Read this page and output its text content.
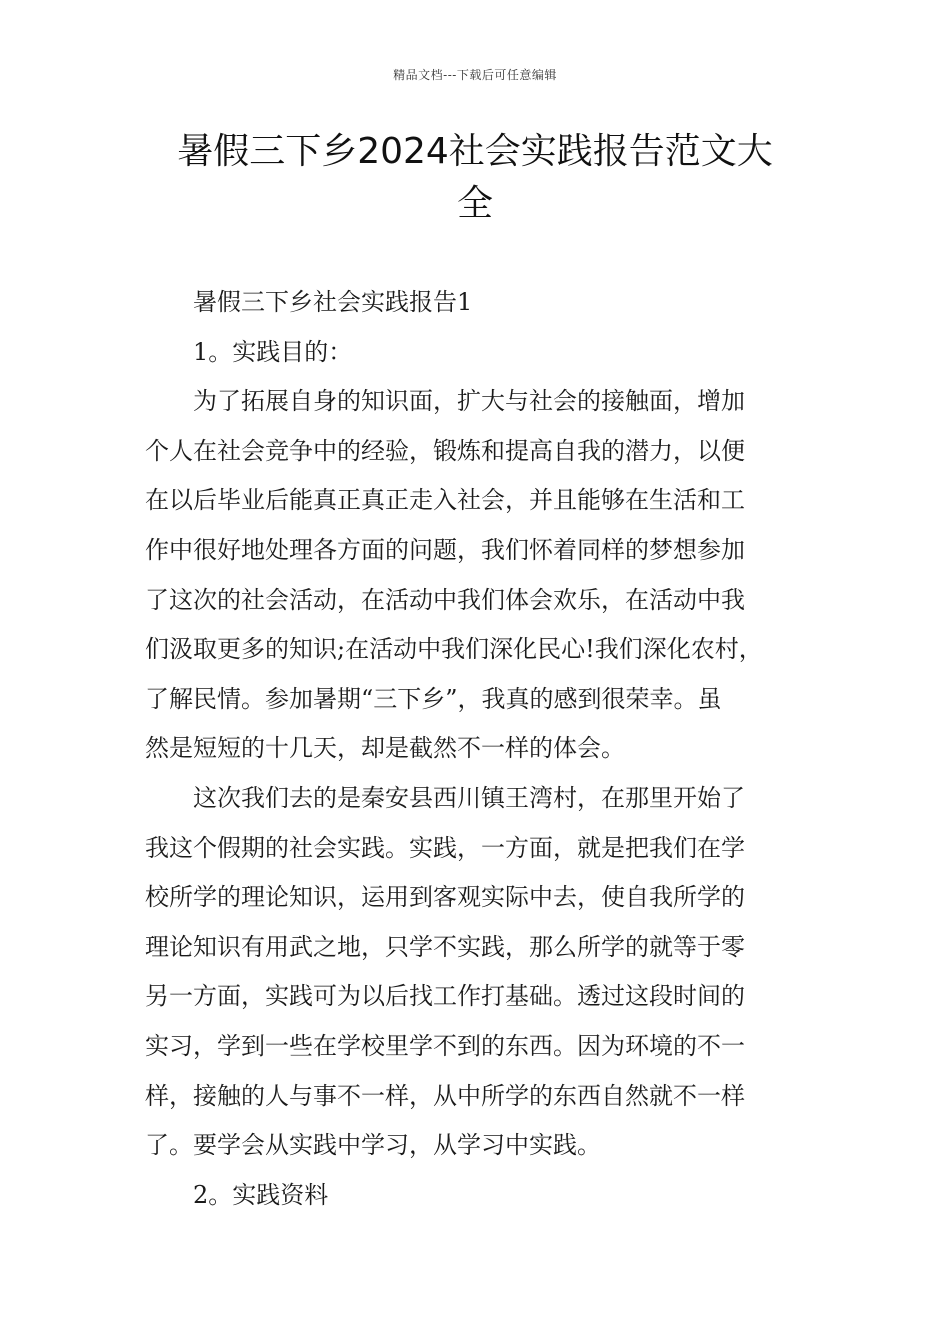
精品文档---下载后可任意编辑
暑假三下乡2024社会实践报告范文大
全
暑假三下乡社会实践报告1
1。实践目的：
为了拓展自身的知识面，扩大与社会的接触面，增加
个人在社会竞争中的经验，锻炼和提高自我的潜力，以便
在以后毕业后能真正真正走入社会，并且能够在生活和工
作中很好地处理各方面的问题，我们怀着同样的梦想参加
了这次的社会活动，在活动中我们体会欢乐，在活动中我
们汲取更多的知识;在活动中我们深化民心!我们深化农村，
了解民情。参加暑期“三下乡”，我真的感到很荣幸。虽
然是短短的十几天，却是截然不一样的体会。
这次我们去的是秦安县西川镇王湾村，在那里开始了
我这个假期的社会实践。实践，一方面，就是把我们在学
校所学的理论知识，运用到客观实际中去，使自我所学的
理论知识有用武之地，只学不实践，那么所学的就等于零
另一方面，实践可为以后找工作打基础。透过这段时间的
实习，学到一些在学校里学不到的东西。因为环境的不一
样，接触的人与事不一样，从中所学的东西自然就不一样
了。要学会从实践中学习，从学习中实践。
2。实践资料
